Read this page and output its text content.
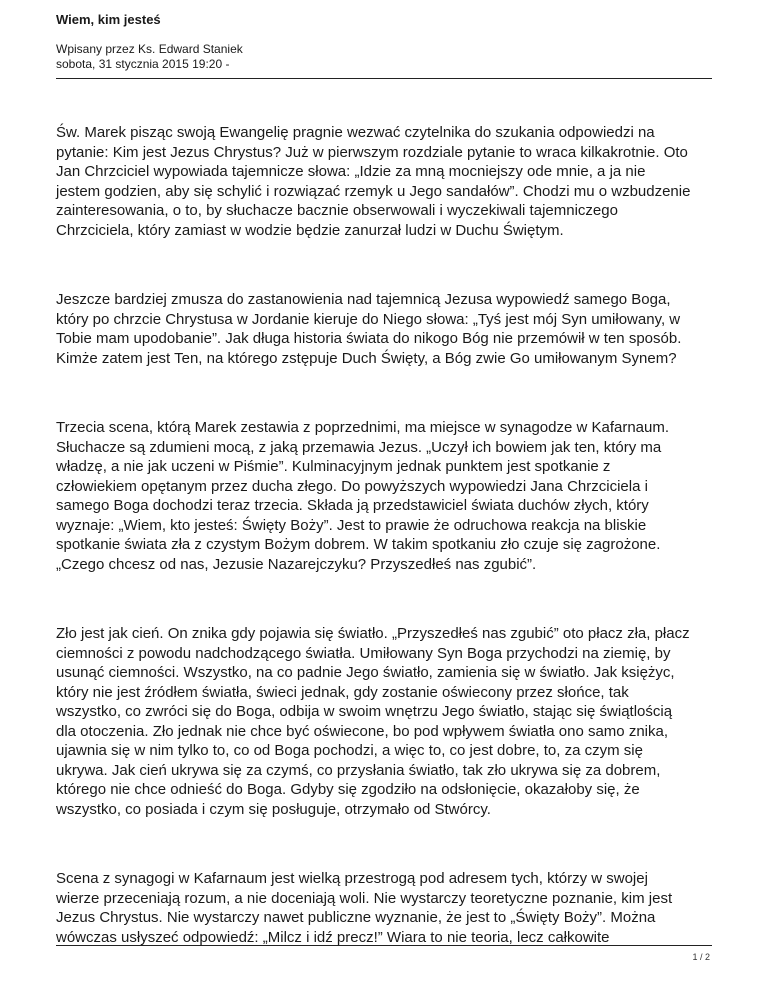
Wiem, kim jesteś
Wpisany przez Ks. Edward Staniek
sobota, 31 stycznia 2015 19:20 -

Św. Marek pisząc swoją Ewangelię pragnie wezwać czytelnika do szukania odpowiedzi na
pytanie: Kim jest Jezus Chrystus? Już w pierwszym rozdziale pytanie to wraca kilkakrotnie. Oto
Jan Chrzciciel wypowiada tajemnicze słowa: „Idzie za mną mocniejszy ode mnie, a ja nie
jestem godzien, aby się schylić i rozwiązać rzemyk u Jego sandałów”. Chodzi mu o wzbudzenie
zainteresowania, o to, by słuchacze bacznie obserwowali i wyczekiwali tajemniczego
Chrzciciela, który zamiast w wodzie będzie zanurzał ludzi w Duchu Świętym.

Jeszcze bardziej zmusza do zastanowienia nad tajemnicą Jezusa wypowiedź samego Boga,
który po chrzcie Chrystusa w Jordanie kieruje do Niego słowa: „Tyś jest mój Syn umiłowany, w
Tobie mam upodobanie”. Jak długa historia świata do nikogo Bóg nie przemówił w ten sposób.
Kimże zatem jest Ten, na którego zstępuje Duch Święty, a Bóg zwie Go umiłowanym Synem?

Trzecia scena, którą Marek zestawia z poprzednimi, ma miejsce w synagodze w Kafarnaum.
Słuchacze są zdumieni mocą, z jaką przemawia Jezus. „Uczył ich bowiem jak ten, który ma
władzę, a nie jak uczeni w Piśmie”. Kulminacyjnym jednak punktem jest spotkanie z
człowiekiem opętanym przez ducha złego. Do powyższych wypowiedzi Jana Chrzciciela i
samego Boga dochodzi teraz trzecia. Składa ją przedstawiciel świata duchów złych, który
wyznaje: „Wiem, kto jesteś: Święty Boży”. Jest to prawie że odruchowa reakcja na bliskie
spotkanie świata zła z czystym Bożym dobrem. W takim spotkaniu zło czuje się zagrożone.
„Czego chcesz od nas, Jezusie Nazarejczyku? Przyszedłeś nas zgubić”.

Zło jest jak cień. On znika gdy pojawia się światło. „Przyszedłeś nas zgubić” oto płacz zła, płacz
ciemności z powodu nadchodzącego światła. Umiłowany Syn Boga przychodzi na ziemię, by
usunąć ciemności. Wszystko, na co padnie Jego światło, zamienia się w światło. Jak księżyc,
który nie jest źródłem światła, świeci jednak, gdy zostanie oświecony przez słońce, tak
wszystko, co zwróci się do Boga, odbija w swoim wnętrzu Jego światło, stając się świątlością
dla otoczenia. Zło jednak nie chce być oświecone, bo pod wpływem światła ono samo znika,
ujawnia się w nim tylko to, co od Boga pochodzi, a więc to, co jest dobre, to, za czym się
ukrywa. Jak cień ukrywa się za czymś, co przysłania światło, tak zło ukrywa się za dobrem,
którego nie chce odnieść do Boga. Gdyby się zgodziło na odsłonięcie, okazałoby się, że
wszystko, co posiada i czym się posługuje, otrzymało od Stwórcy.

Scena z synagogi w Kafarnaum jest wielką przestrogą pod adresem tych, którzy w swojej
wierze przeceniają rozum, a nie doceniają woli. Nie wystarczy teoretyczne poznanie, kim jest
Jezus Chrystus. Nie wystarczy nawet publiczne wyznanie, że jest to „Święty Boży”. Można
wówczas usłyszeć odpowiedź: „Milcz i idź precz!” Wiara to nie teoria, lecz całkowite

1 / 2
